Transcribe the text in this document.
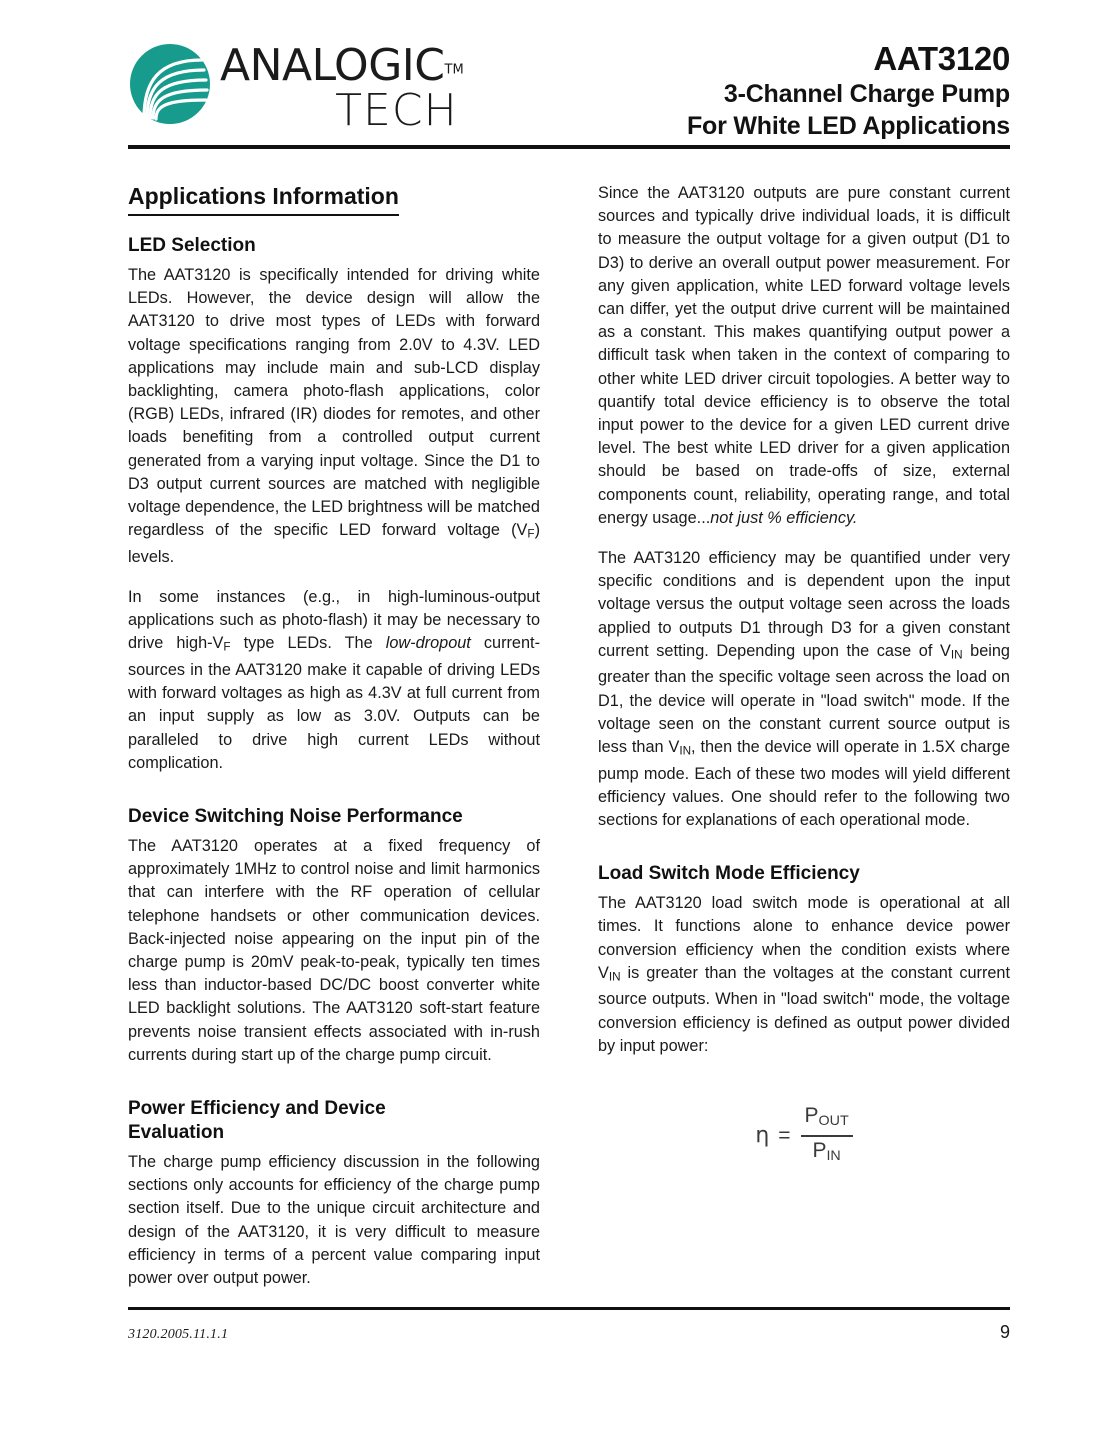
ANALOGIC™
TECH
AAT3120
3-Channel Charge Pump
For White LED Applications
Applications Information
LED Selection

The AAT3120 is specifically intended for driving white LEDs. However, the device design will allow the AAT3120 to drive most types of LEDs with forward voltage specifications ranging from 2.0V to 4.3V. LED applications may include main and sub-LCD display backlighting, camera photo-flash applications, color (RGB) LEDs, infrared (IR) diodes for remotes, and other loads benefiting from a controlled output current generated from a varying input voltage. Since the D1 to D3 output current sources are matched with negligible voltage dependence, the LED brightness will be matched regardless of the specific LED forward voltage $(V_F)$ levels.

In some instances (e.g., in high-luminous-output applications such as photo-flash) it may be necessary to drive high-$V_F$ type LEDs. The low-dropout current-sources in the AAT3120 make it capable of driving LEDs with forward voltages as high as 4.3V at full current from an input supply as low as 3.0V. Outputs can be paralleled to drive high current LEDs without complication.

Device Switching Noise Performance

The AAT3120 operates at a fixed frequency of approximately 1MHz to control noise and limit harmonics that can interfere with the RF operation of cellular telephone handsets or other communication devices. Back-injected noise appearing on the input pin of the charge pump is 20mV peak-to-peak, typically ten times less than inductor-based DC/DC boost converter white LED backlight solutions. The AAT3120 soft-start feature prevents noise transient effects associated with in-rush currents during start up of the charge pump circuit.

Power Efficiency and Device
Evaluation

The charge pump efficiency discussion in the following sections only accounts for efficiency of the charge pump section itself. Due to the unique circuit architecture and design of the AAT3120, it is very difficult to measure efficiency in terms of a percent value comparing input power over output power.

Since the AAT3120 outputs are pure constant current sources and typically drive individual loads, it is difficult to measure the output voltage for a given output (D1 to D3) to derive an overall output power measurement. For any given application, white LED forward voltage levels can differ, yet the output drive current will be maintained as a constant. This makes quantifying output power a difficult task when taken in the context of comparing to other white LED driver circuit topologies. A better way to quantify total device efficiency is to observe the total input power to the device for a given LED current drive level. The best white LED driver for a given application should be based on trade-offs of size, external components count, reliability, operating range, and total energy usage...not just % efficiency.

The AAT3120 efficiency may be quantified under very specific conditions and is dependent upon the input voltage versus the output voltage seen across the loads applied to outputs D1 through D3 for a given constant current setting. Depending upon the case of $V_{IN}$ being greater than the specific voltage seen across the load on D1, the device will operate in "load switch" mode. If the voltage seen on the constant current source output is less than $V_{IN}$, then the device will operate in 1.5X charge pump mode. Each of these two modes will yield different efficiency values. One should refer to the following two sections for explanations of each operational mode.

Load Switch Mode Efficiency

The AAT3120 load switch mode is operational at all times. It functions alone to enhance device power conversion efficiency when the condition exists where $V_{IN}$ is greater than the voltages at the constant current source outputs. When in "load switch" mode, the voltage conversion efficiency is defined as output power divided by input power:

$\eta = \frac{P_{OUT}}{P_{IN}}$
3120.2005.11.1.1	9
